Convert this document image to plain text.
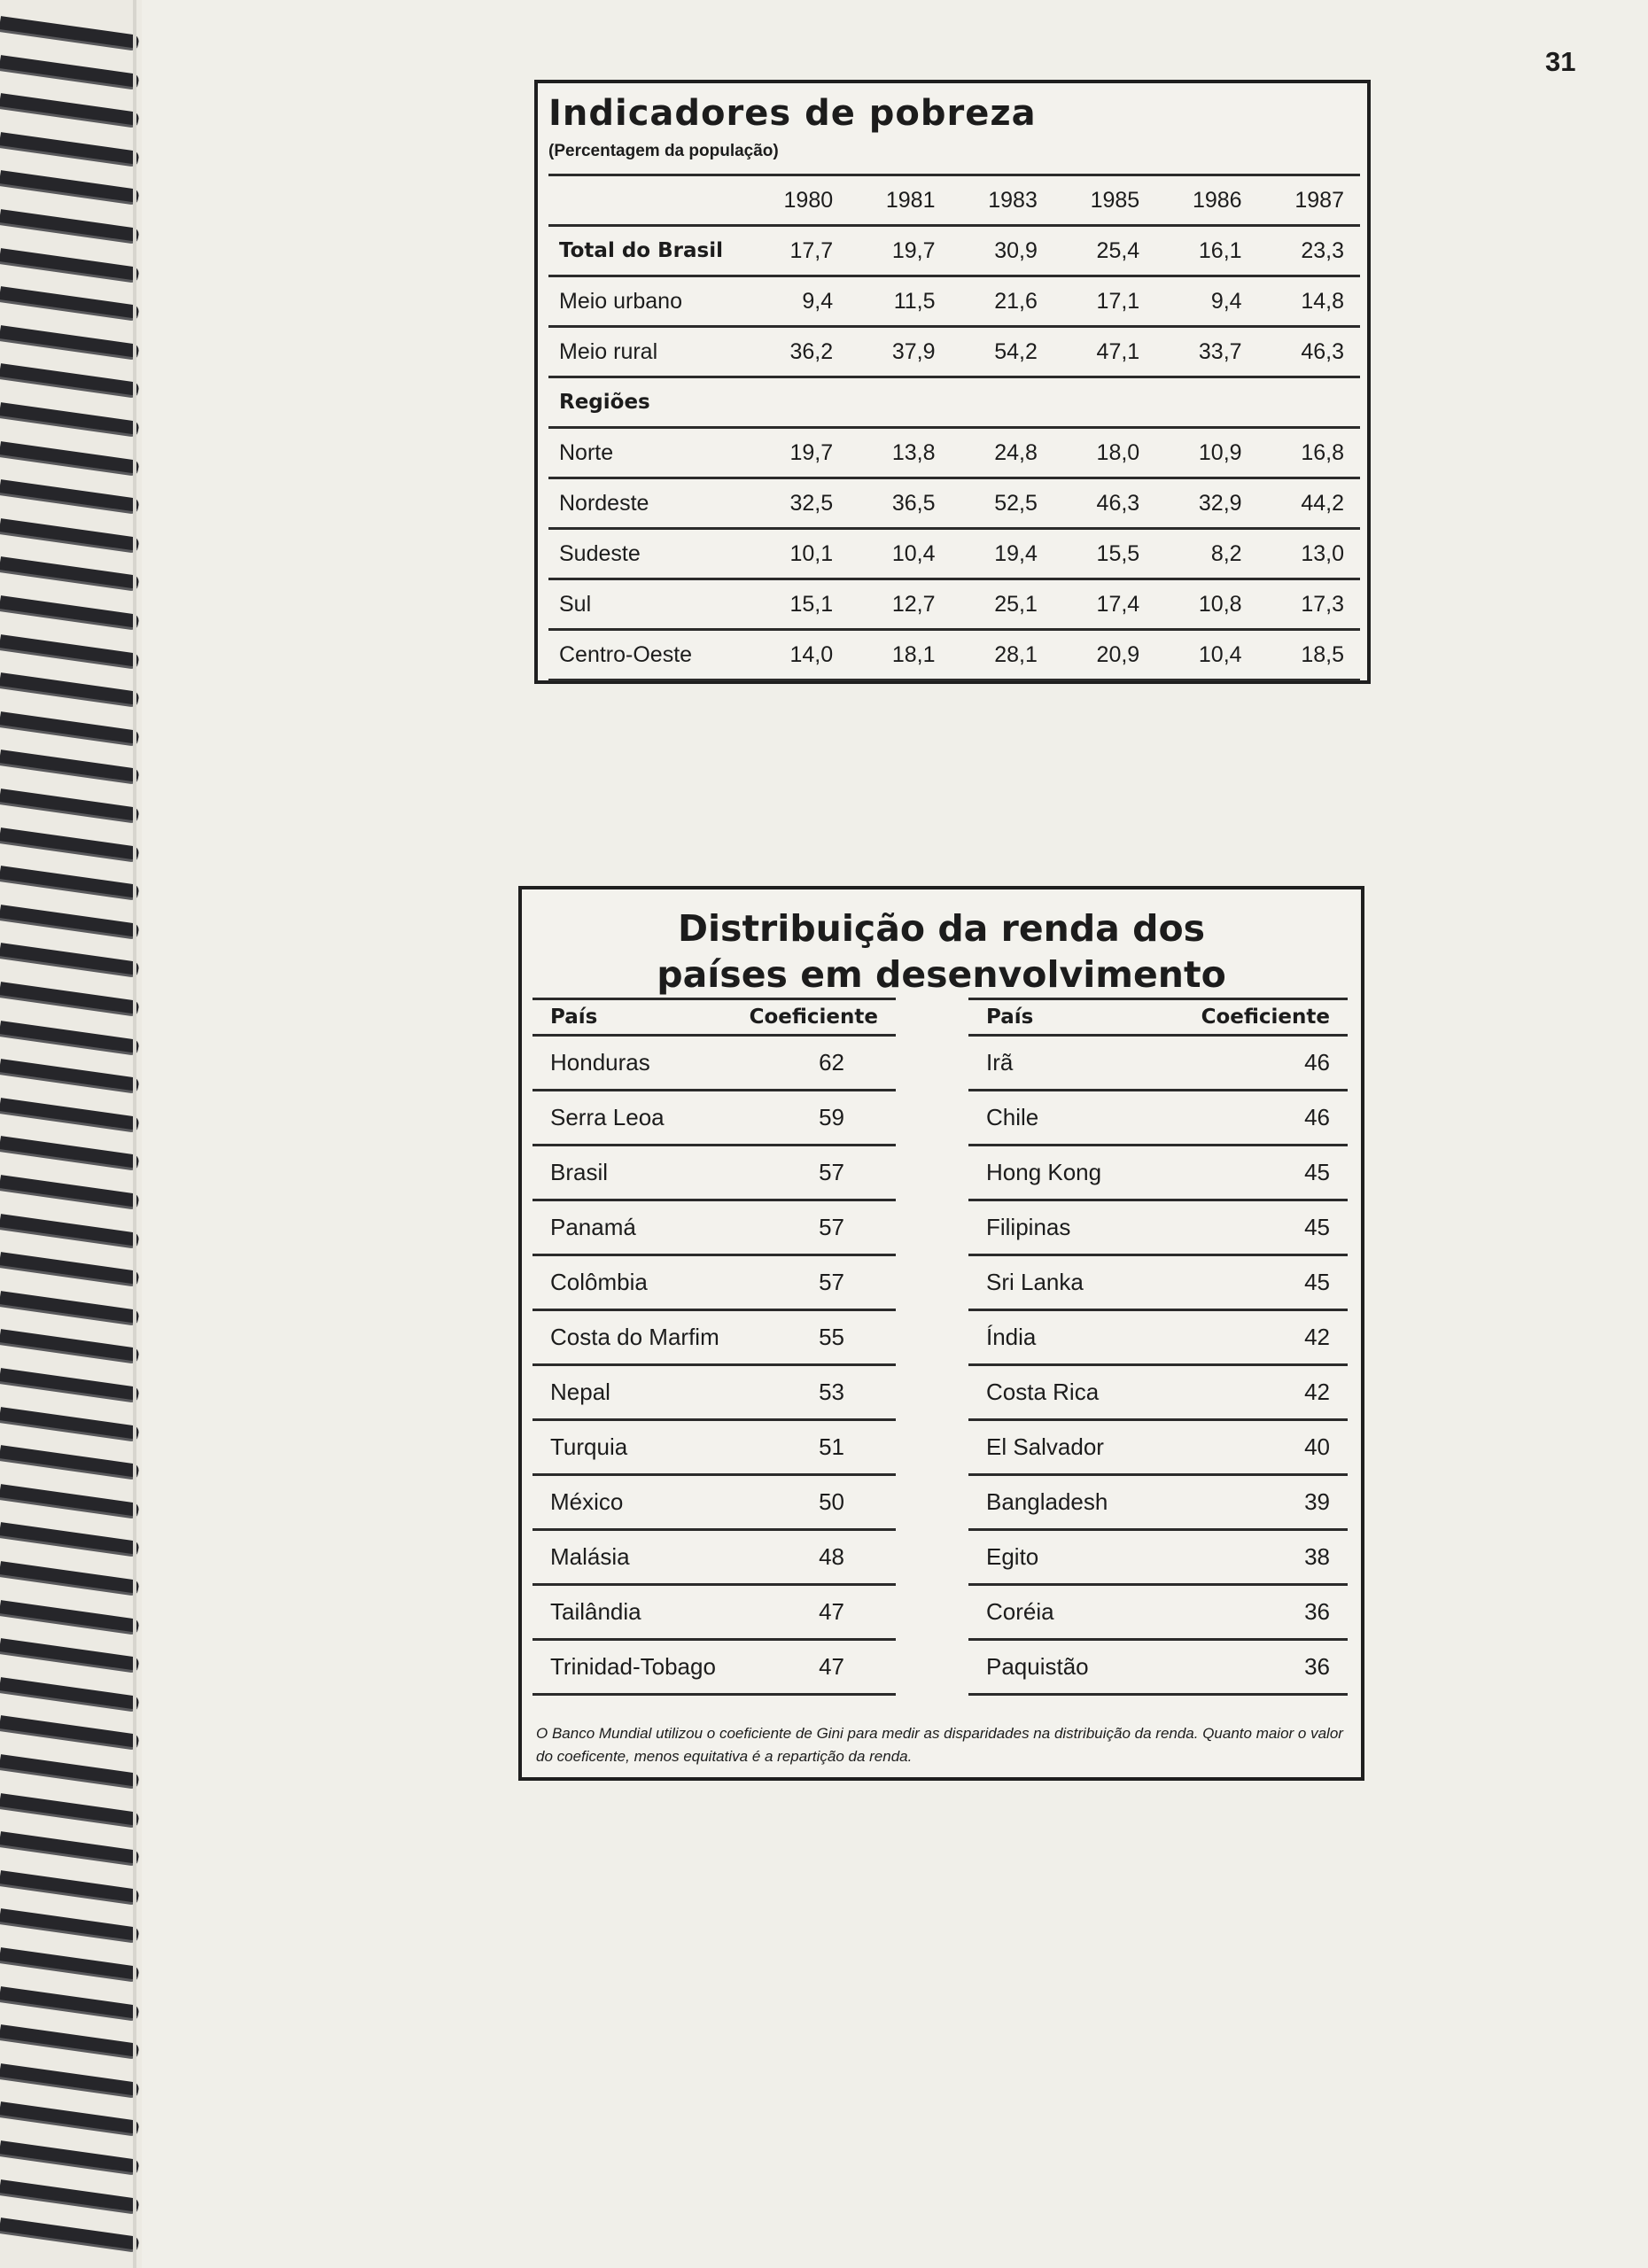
31
Indicadores de pobreza
(Percentagem da população)
	1980	1981	1983	1985	1986	1987
Total do Brasil	17,7	19,7	30,9	25,4	16,1	23,3
Meio urbano	9,4	11,5	21,6	17,1	9,4	14,8
Meio rural	36,2	37,9	54,2	47,1	33,7	46,3
Regiões						
Norte	19,7	13,8	24,8	18,0	10,9	16,8
Nordeste	32,5	36,5	52,5	46,3	32,9	44,2
Sudeste	10,1	10,4	19,4	15,5	8,2	13,0
Sul	15,1	12,7	25,1	17,4	10,8	17,3
Centro-Oeste	14,0	18,1	28,1	20,9	10,4	18,5
Distribuição da renda dos
países em desenvolvimento
País	Coeficiente
Honduras	62
Serra Leoa	59
Brasil	57
Panamá	57
Colômbia	57
Costa do Marfim	55
Nepal	53
Turquia	51
México	50
Malásia	48
Tailândia	47
Trinidad-Tobago	47
País	Coeficiente
Irã	46
Chile	46
Hong Kong	45
Filipinas	45
Sri Lanka	45
Índia	42
Costa Rica	42
El Salvador	40
Bangladesh	39
Egito	38
Coréia	36
Paquistão	36
O Banco Mundial utilizou o coeficiente de Gini para medir as disparidades na distribuição da renda. Quanto maior o valor do coeficente, menos equitativa é a repartição da renda.
